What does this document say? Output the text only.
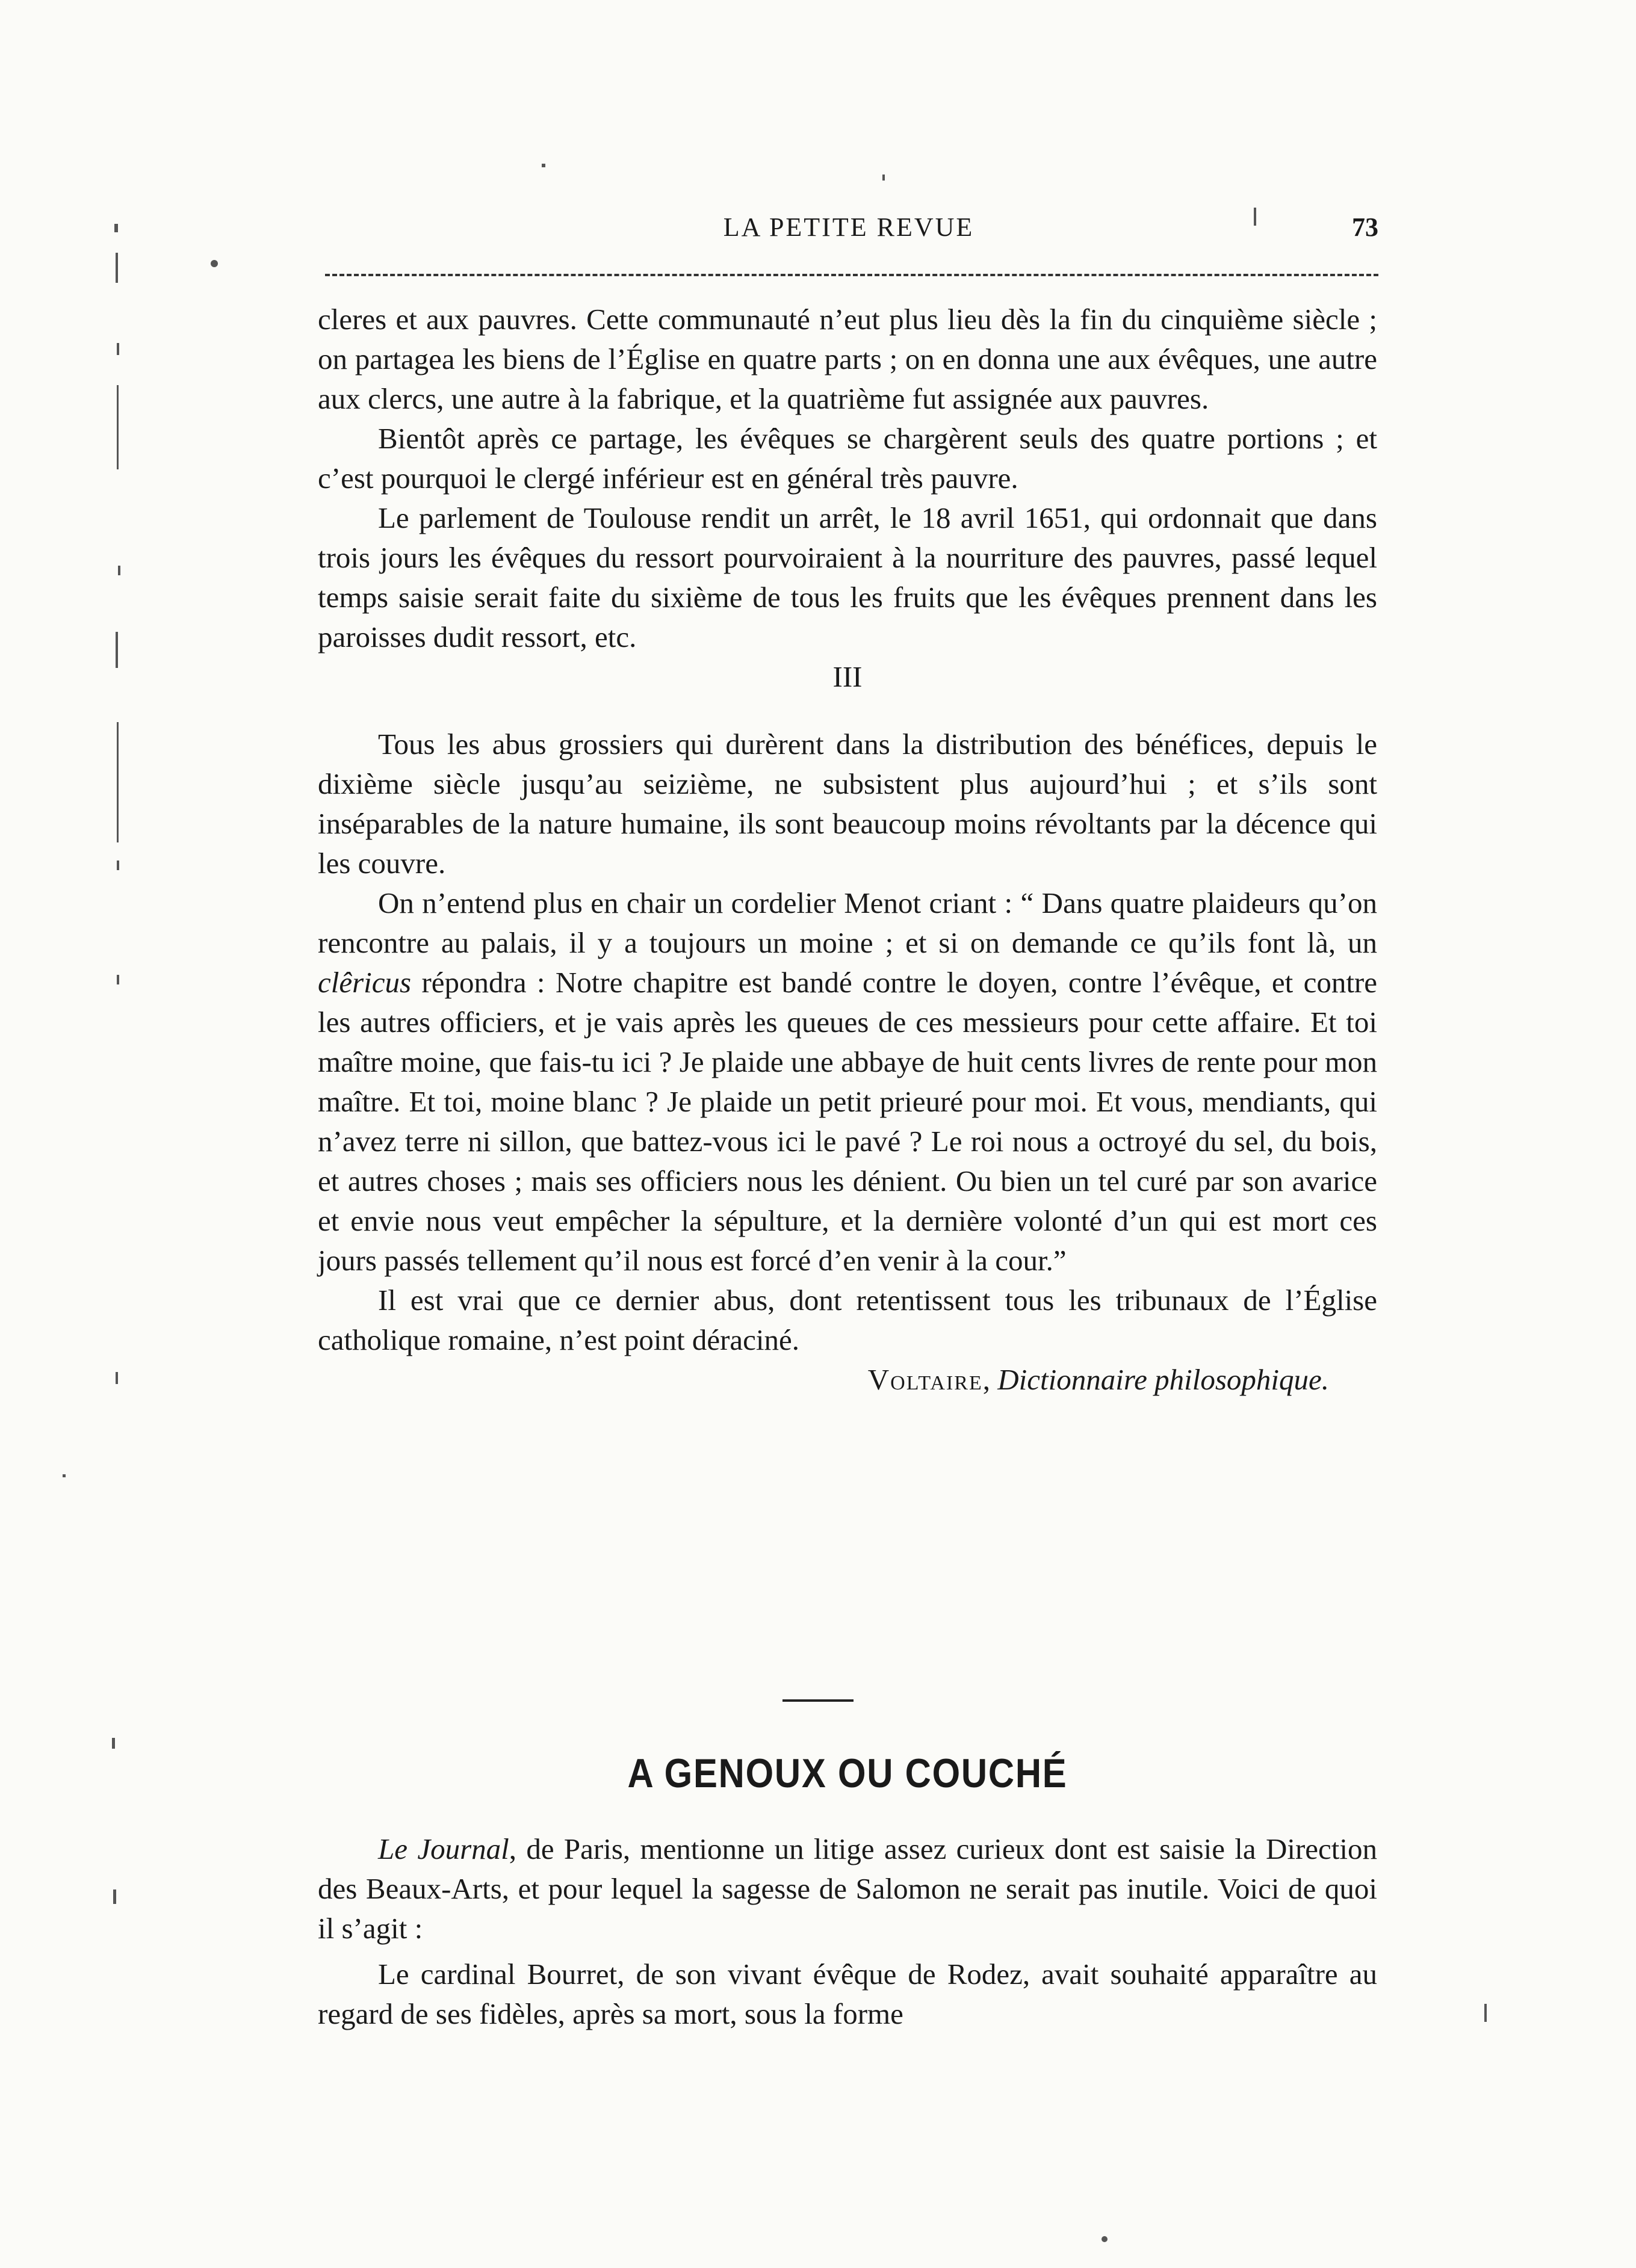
LA PETITE REVUE	73

cleres et aux pauvres. Cette communauté n’eut plus lieu dès la fin du cinquième siècle ; on partagea les biens de l’Église en quatre parts ; on en donna une aux évêques, une autre aux clercs, une autre à la fabrique, et la quatrième fut assignée aux pauvres.

Bientôt après ce partage, les évêques se chargèrent seuls des quatre portions ; et c’est pourquoi le clergé inférieur est en général très pauvre.

Le parlement de Toulouse rendit un arrêt, le 18 avril 1651, qui ordonnait que dans trois jours les évêques du ressort pourvoiraient à la nourriture des pauvres, passé lequel temps saisie serait faite du sixième de tous les fruits que les évêques prennent dans les paroisses dudit ressort, etc.

III

Tous les abus grossiers qui durèrent dans la distribution des bénéfices, depuis le dixième siècle jusqu’au seizième, ne subsistent plus aujourd’hui ; et s’ils sont inséparables de la nature humaine, ils sont beaucoup moins révoltants par la décence qui les couvre.

On n’entend plus en chair un cordelier Menot criant : “ Dans quatre plaideurs qu’on rencontre au palais, il y a toujours un moine ; et si on demande ce qu’ils font là, un clêricus répondra : Notre chapitre est bandé contre le doyen, contre l’évêque, et contre les autres officiers, et je vais après les queues de ces messieurs pour cette affaire. Et toi maître moine, que fais-tu ici ? Je plaide une abbaye de huit cents livres de rente pour mon maître. Et toi, moine blanc ? Je plaide un petit prieuré pour moi. Et vous, mendiants, qui n’avez terre ni sillon, que battez-vous ici le pavé ? Le roi nous a octroyé du sel, du bois, et autres choses ; mais ses officiers nous les dénient. Ou bien un tel curé par son avarice et envie nous veut empêcher la sépulture, et la dernière volonté d’un qui est mort ces jours passés tellement qu’il nous est forcé d’en venir à la cour.”

Il est vrai que ce dernier abus, dont retentissent tous les tribunaux de l’Église catholique romaine, n’est point déraciné.

Voltaire, Dictionnaire philosophique.

A GENOUX OU COUCHÉ

Le Journal, de Paris, mentionne un litige assez curieux dont est saisie la Direction des Beaux-Arts, et pour lequel la sagesse de Salomon ne serait pas inutile. Voici de quoi il s’agit :

Le cardinal Bourret, de son vivant évêque de Rodez, avait souhaité apparaître au regard de ses fidèles, après sa mort, sous la forme
